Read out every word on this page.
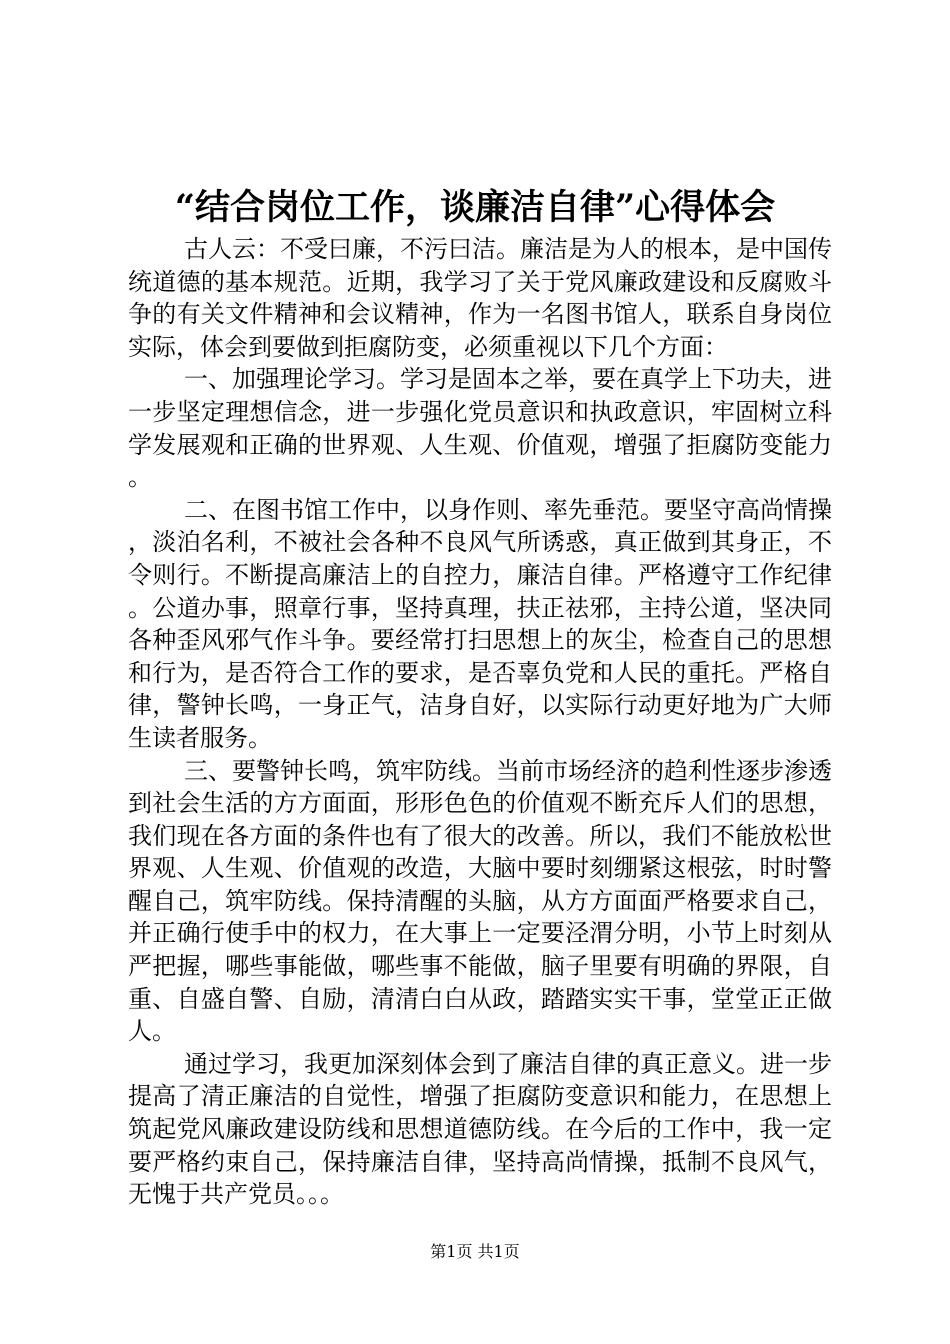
“结合岗位工作，谈廉洁自律”心得体会

古人云：不受曰廉，不污曰洁。廉洁是为人的根本，是中国传统道德的基本规范。近期，我学习了关于党风廉政建设和反腐败斗争的有关文件精神和会议精神，作为一名图书馆人，联系自身岗位实际，体会到要做到拒腐防变，必须重视以下几个方面：

一、加强理论学习。学习是固本之举，要在真学上下功夫，进一步坚定理想信念，进一步强化党员意识和执政意识，牢固树立科学发展观和正确的世界观、人生观、价值观，增强了拒腐防变能力。

二、在图书馆工作中，以身作则、率先垂范。要坚守高尚情操，淡泊名利，不被社会各种不良风气所诱惑，真正做到其身正，不令则行。不断提高廉洁上的自控力，廉洁自律。严格遵守工作纪律。公道办事，照章行事，坚持真理，扶正祛邪，主持公道，坚决同各种歪风邪气作斗争。要经常打扫思想上的灰尘，检查自己的思想和行为，是否符合工作的要求，是否辜负党和人民的重托。严格自律，警钟长鸣，一身正气，洁身自好，以实际行动更好地为广大师生读者服务。

三、要警钟长鸣，筑牢防线。当前市场经济的趋利性逐步渗透到社会生活的方方面面，形形色色的价值观不断充斥人们的思想，我们现在各方面的条件也有了很大的改善。所以，我们不能放松世界观、人生观、价值观的改造，大脑中要时刻绷紧这根弦，时时警醒自己，筑牢防线。保持清醒的头脑，从方方面面严格要求自己，并正确行使手中的权力，在大事上一定要泾渭分明，小节上时刻从严把握，哪些事能做，哪些事不能做，脑子里要有明确的界限，自重、自盛自警、自励，清清白白从政，踏踏实实干事，堂堂正正做人。

通过学习，我更加深刻体会到了廉洁自律的真正意义。进一步提高了清正廉洁的自觉性，增强了拒腐防变意识和能力，在思想上筑起党风廉政建设防线和思想道德防线。在今后的工作中，我一定要严格约束自己，保持廉洁自律，坚持高尚情操，抵制不良风气，无愧于共产党员。。。

第1页 共1页
